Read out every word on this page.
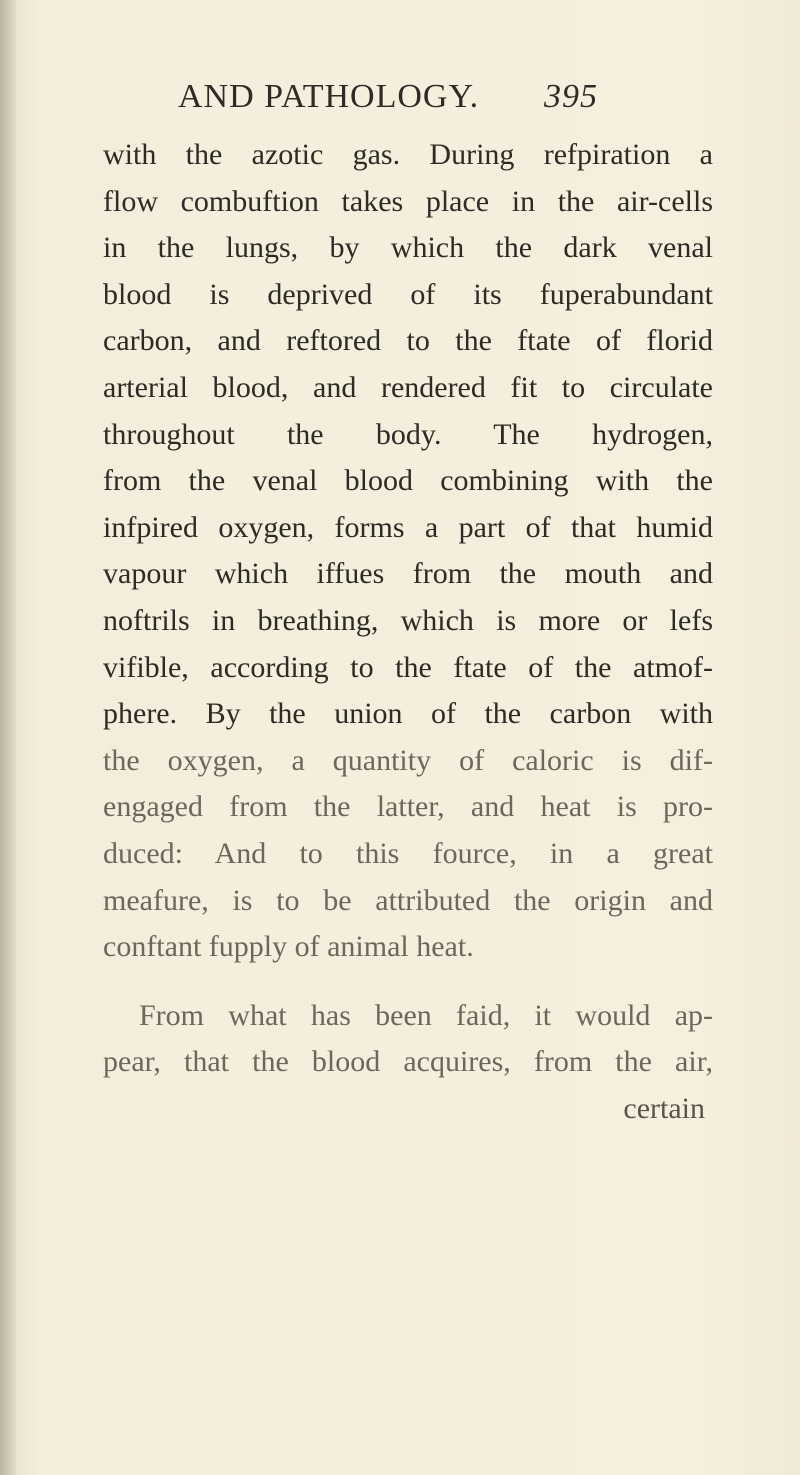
AND PATHOLOGY. 395
with the azotic gas. During refpiration a
flow combuftion takes place in the air-cells
in the lungs, by which the dark venal
blood is deprived of its fuperabundant
carbon, and reftored to the ftate of florid
arterial blood, and rendered fit to circulate
throughout the body. The hydrogen,
from the venal blood combining with the
infpired oxygen, forms a part of that humid
vapour which iffues from the mouth and
noftrils in breathing, which is more or lefs
vifible, according to the ftate of the atmof-
phere. By the union of the carbon with
the oxygen, a quantity of caloric is dif-
engaged from the latter, and heat is pro-
duced: And to this fource, in a great
meafure, is to be attributed the origin and
conftant fupply of animal heat.
From what has been faid, it would ap-
pear, that the blood acquires, from the air,
certain
